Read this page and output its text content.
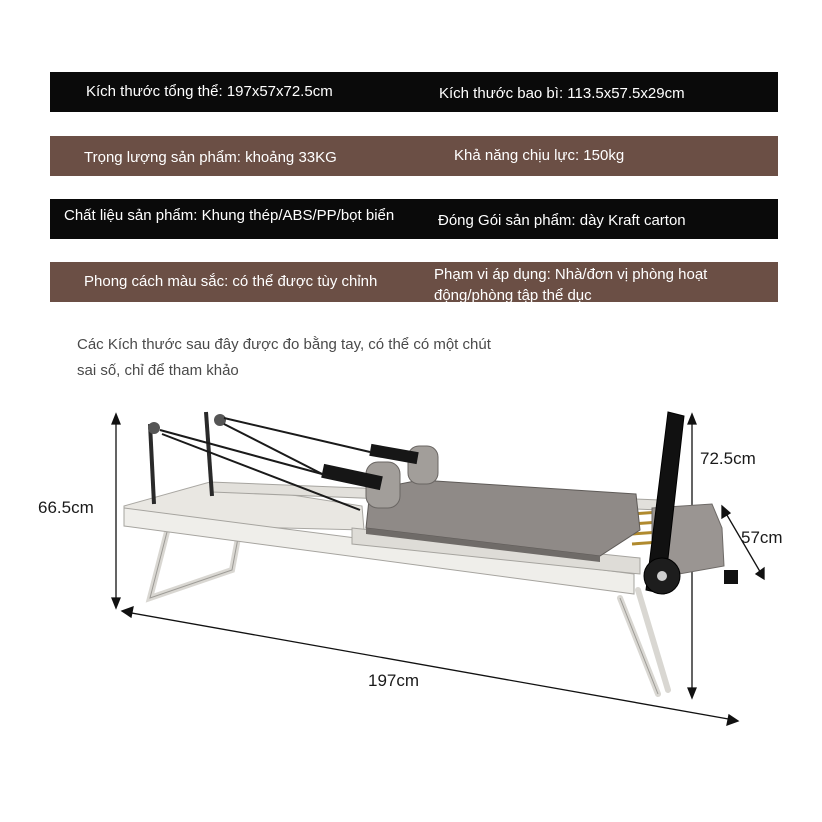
Kích thước tổng thể: 197x57x72.5cm	Kích thước bao bì: 113.5x57.5x29cm
Trọng lượng sản phẩm: khoảng 33KG	Khả năng chịu lực: 150kg
Chất liệu sản phẩm: Khung thép/ABS/PP/bọt biển	Đóng Gói sản phẩm: dày Kraft carton
Phong cách màu sắc: có thể được tùy chỉnh	Phạm vi áp dụng: Nhà/đơn vị phòng hoạt động/phòng tập thể dục
Các Kích thước sau đây được đo bằng tay, có thể có một chút sai số, chỉ để tham khảo
66.5cm
72.5cm
57cm
197cm
